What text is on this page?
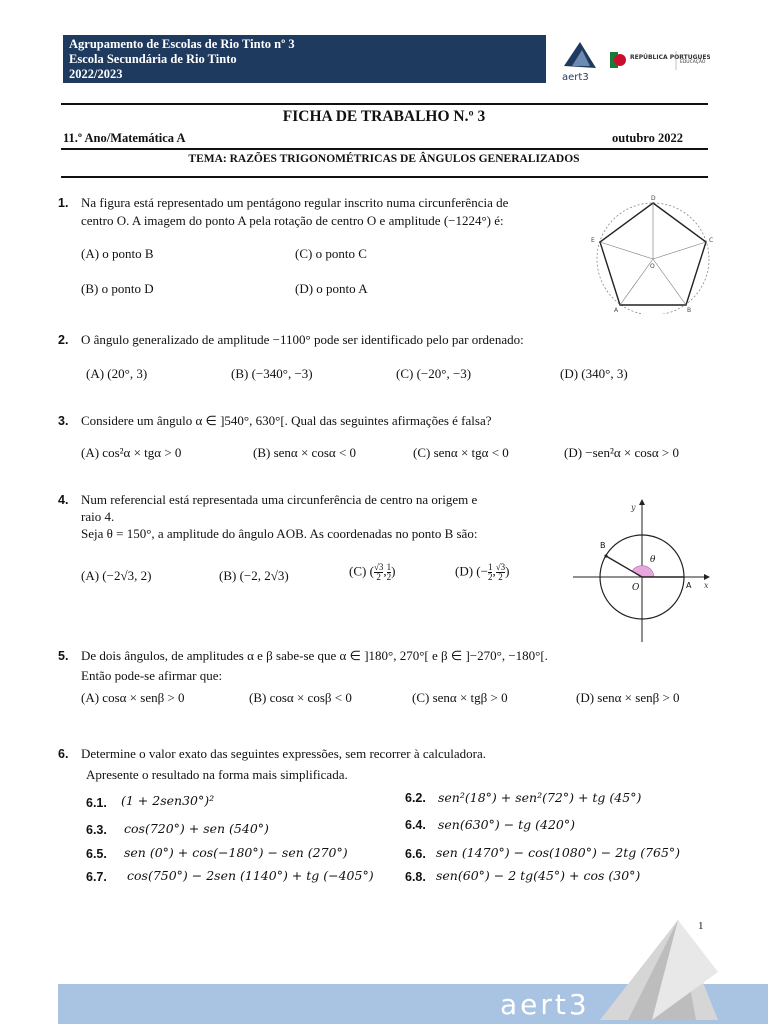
Agrupamento de Escolas de Rio Tinto nº 3
Escola Secundária de Rio Tinto
2022/2023	aert3
REPÚBLICA PORTUGUESA
EDUCAÇÃO
FICHA DE TRABALHO N.º 3
11.º Ano/Matemática A	outubro 2022
TEMA: RAZÕES TRIGONOMÉTRICAS DE ÂNGULOS GENERALIZADOS
1. Na figura está representado um pentágono regular inscrito numa circunferência de
centro O. A imagem do ponto A pela rotação de centro O e amplitude (−1224°) é:
(A) o ponto B	(C) o ponto C
(B) o ponto D	(D) o ponto A
D
E	C
A	B
O
2. O ângulo generalizado de amplitude −1100° pode ser identificado pelo par ordenado:
(A) (20°, 3)	(B) (−340°, −3)	(C) (−20°, −3)	(D) (340°, 3)
3. Considere um ângulo α ∈ ]540°, 630°[. Qual das seguintes afirmações é falsa?
(A) cos²α × tgα > 0	(B) senα × cosα < 0	(C) senα × tgα < 0	(D) −sen²α × cosα > 0
4. Num referencial está representada uma circunferência de centro na origem e
raio 4.
Seja θ = 150°, a amplitude do ângulo AOB. As coordenadas no ponto B são:
(A) (−2√3, 2)	(B) (−2, 2√3)	(C) ( $\frac{√3}{2}$ , $\frac{1}{2}$ )	(D) (− $\frac{1}{2}$ , $\frac{√3}{2}$ )
y
B
θ
O	A x
5. De dois ângulos, de amplitudes α e β sabe-se que α ∈ ]180°, 270°[ e β ∈ ]−270°, −180°[.
Então pode-se afirmar que:
(A) cosα × senβ > 0	(B) cosα × cosβ < 0	(C) senα × tgβ > 0	(D) senα × senβ > 0
6. Determine o valor exato das seguintes expressões, sem recorrer à calculadora.
Apresente o resultado na forma mais simplificada.
6.1. (1 + 2sen30°)²	6.2. sen²(18°) + sen²(72°) + tg (45°)
6.3. cos(720°) + sen (540°)	6.4. sen(630°) − tg (420°)
6.5. sen (0°) + cos(−180°) − sen (270°)	6.6. sen (1470°) − cos(1080°) − 2tg (765°)
6.7. cos(750°) − 2sen (1140°) + tg (−405°)	6.8. sen(60°) − 2 tg(45°) + cos (30°)
1
aert3
